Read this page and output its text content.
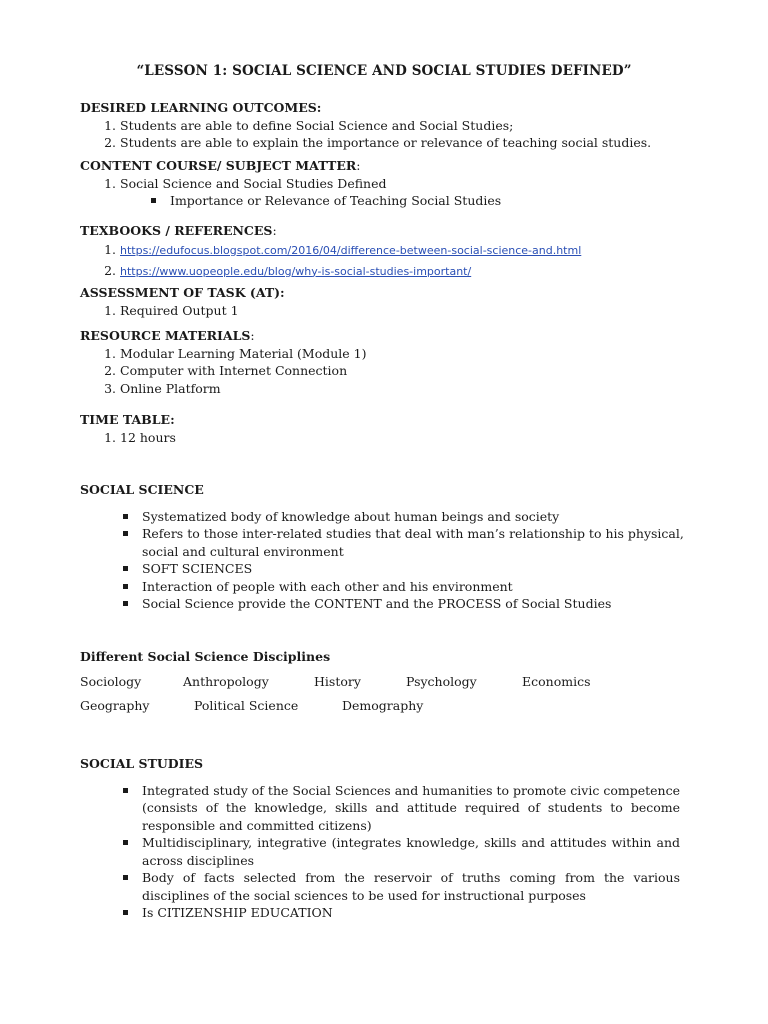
“LESSON 1: SOCIAL SCIENCE AND SOCIAL STUDIES DEFINED”
DESIRED LEARNING OUTCOMES:
1. Students are able to define Social Science and Social Studies;
2. Students are able to explain the importance or relevance of teaching social studies.
CONTENT COURSE/ SUBJECT MATTER:
1. Social Science and Social Studies Defined
Importance or Relevance of Teaching Social Studies
TEXBOOKS / REFERENCES:
1. https://edufocus.blogspot.com/2016/04/difference-between-social-science-and.html
2. https://www.uopeople.edu/blog/why-is-social-studies-important/
ASSESSMENT OF TASK (AT):
1. Required Output 1
RESOURCE MATERIALS:
1. Modular Learning Material (Module 1)
2. Computer with Internet Connection
3. Online Platform
TIME TABLE:
1. 12 hours
SOCIAL SCIENCE
Systematized body of knowledge about human beings and society
Refers to those inter-related studies that deal with man’s relationship to his physical, social and cultural environment
SOFT SCIENCES
Interaction of people with each other and his environment
Social Science provide the CONTENT and the PROCESS of Social Studies
Different Social Science Disciplines
Sociology	Anthropology	History	Psychology	Economics
Geography	Political Science	Demography
SOCIAL STUDIES
Integrated study of the Social Sciences and humanities to promote civic competence (consists of the knowledge, skills and attitude required of students to become responsible and committed citizens)
Multidisciplinary, integrative (integrates knowledge, skills and attitudes within and across disciplines
Body of facts selected from the reservoir of truths coming from the various disciplines of the social sciences to be used for instructional purposes
Is CITIZENSHIP EDUCATION
